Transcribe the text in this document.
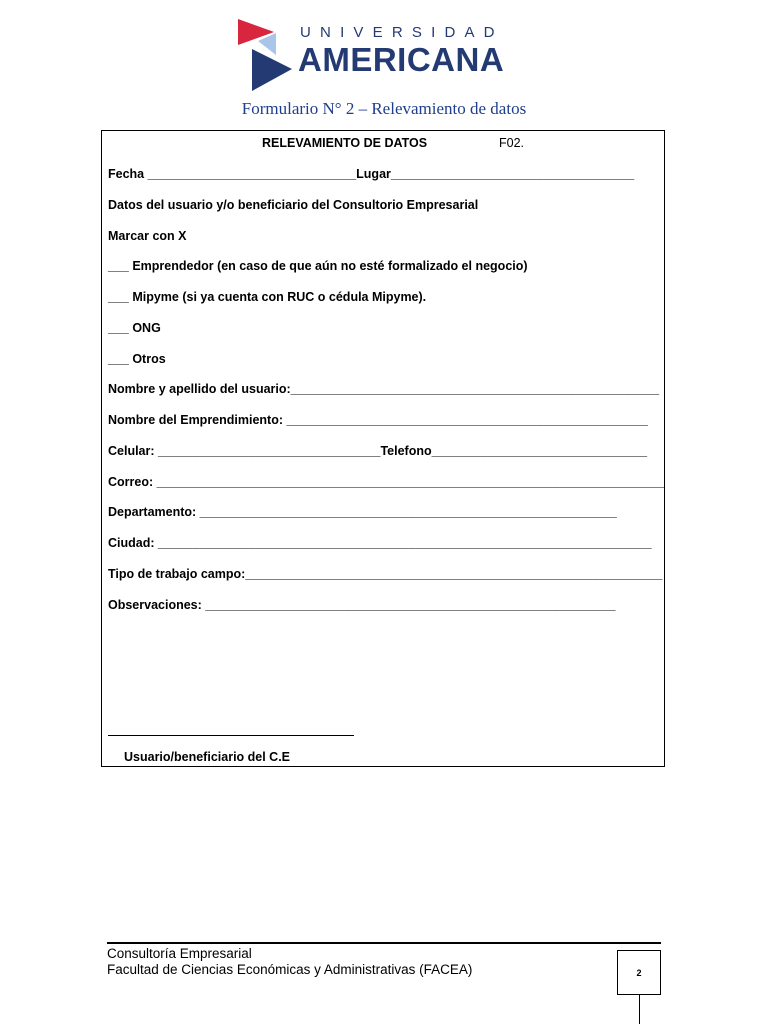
UNIVERSIDAD
AMERICANA
Formulario N° 2 – Relevamiento de datos
RELEVAMIENTO DE DATOS	F02.
Fecha ______________________________Lugar___________________________________
Datos del usuario y/o beneficiario del Consultorio Empresarial
Marcar con X
___ Emprendedor (en caso de que aún no esté formalizado el negocio)
___ Mipyme (si ya cuenta con RUC o cédula Mipyme).
___ ONG
___ Otros
Nombre y apellido del usuario:_____________________________________________________
Nombre del Emprendimiento: ____________________________________________________
Celular: ________________________________Telefono_______________________________
Correo: _________________________________________________________________________
Departamento: ____________________________________________________________
Ciudad: _______________________________________________________________________
Tipo de trabajo campo:____________________________________________________________
Observaciones: ___________________________________________________________
Usuario/beneficiario del C.E
Consultoría Empresarial
Facultad de Ciencias Económicas y Administrativas (FACEA)	2
